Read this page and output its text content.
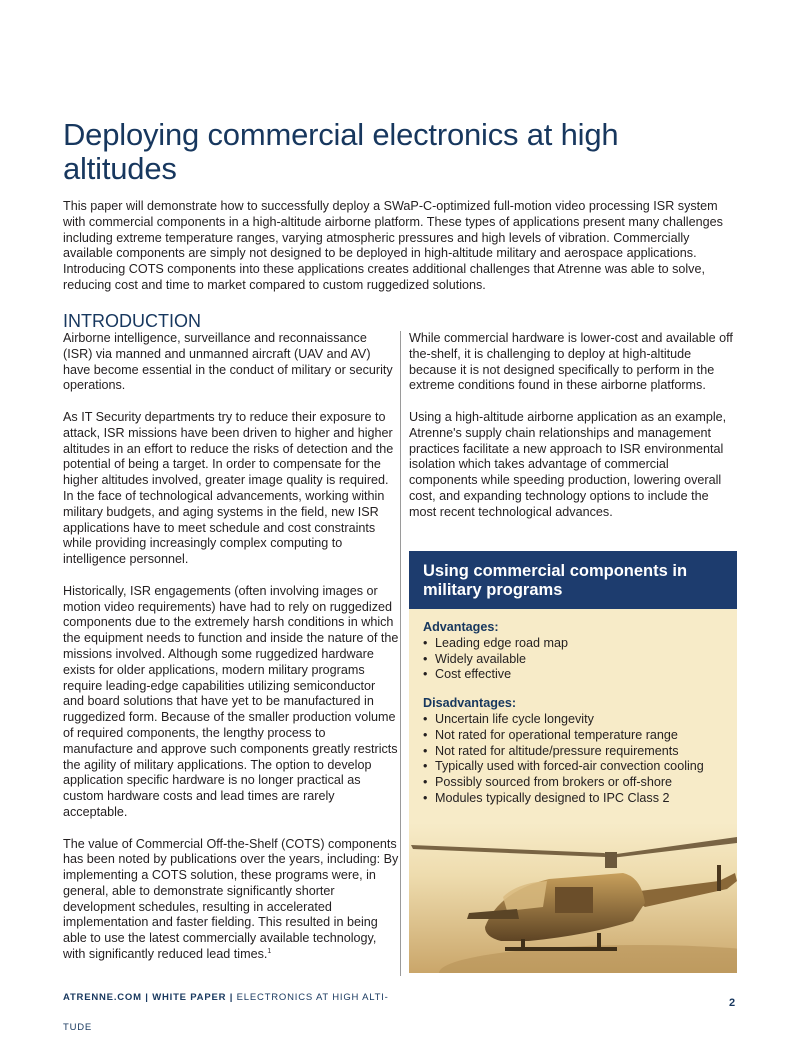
Deploying commercial electronics at high altitudes

This paper will demonstrate how to successfully deploy a SWaP-C-optimized full-motion video processing ISR system with commercial components in a high-altitude airborne platform. These types of applications present many challenges including extreme temperature ranges, varying atmospheric pressures and high levels of vibration. Commercially available components are simply not designed to be deployed in high-altitude military and aerospace applications. Introducing COTS components into these applications creates additional challenges that Atrenne was able to solve, reducing cost and time to market compared to custom ruggedized solutions.

INTRODUCTION

Airborne intelligence, surveillance and reconnaissance (ISR) via manned and unmanned aircraft (UAV and AV) have become essential in the conduct of military or security operations.

As IT Security departments try to reduce their exposure to attack, ISR missions have been driven to higher and higher altitudes in an effort to reduce the risks of detection and the potential of being a target. In order to compensate for the higher altitudes involved, greater image quality is required. In the face of technological advancements, working within military budgets, and aging systems in the field, new ISR applications have to meet schedule and cost constraints while providing increasingly complex computing to intelligence personnel.

Historically, ISR engagements (often involving images or motion video requirements) have had to rely on ruggedized components due to the extremely harsh conditions in which the equipment needs to function and inside the nature of the missions involved. Although some ruggedized hardware exists for older applications, modern military programs require leading-edge capabilities utilizing semiconductor and board solutions that have yet to be manufactured in ruggedized form. Because of the smaller production volume of required components, the lengthy process to manufacture and approve such components greatly restricts the agility of military applications. The option to develop application specific hardware is no longer practical as custom hardware costs and lead times are rarely acceptable.

The value of Commercial Off-the-Shelf (COTS) components has been noted by publications over the years, including: By implementing a COTS solution, these programs were, in general, able to demonstrate significantly shorter development schedules, resulting in accelerated implementation and faster fielding. This resulted in being able to use the latest commercially available technology, with significantly reduced lead times.$^1$

While commercial hardware is lower-cost and available off the-shelf, it is challenging to deploy at high-altitude because it is not designed specifically to perform in the extreme conditions found in these airborne platforms.

Using a high-altitude airborne application as an example, Atrenne's supply chain relationships and management practices facilitate a new approach to ISR environmental isolation which takes advantage of commercial components while speeding production, lowering overall cost, and expanding technology options to include the most recent technological advances.

Using commercial components in military programs

Advantages:

• Leading edge road map
• Widely available
• Cost effective

Disadvantages:

• Uncertain life cycle longevity
• Not rated for operational temperature range
• Not rated for altitude/pressure requirements
• Typically used with forced-air convection cooling
• Possibly sourced from brokers or off-shore
• Modules typically designed to IPC Class 2
ATRENNE.COM | WHITE PAPER | ELECTRONICS AT HIGH ALTI- TUDE
2
